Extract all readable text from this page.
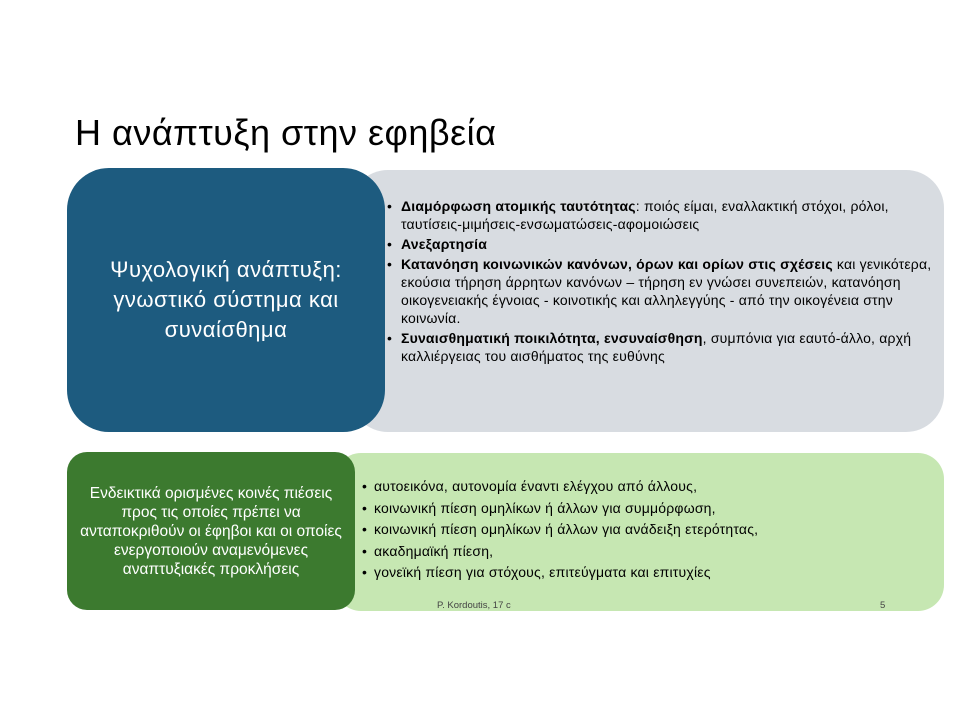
Η ανάπτυξη στην εφηβεία
Ψυχολογική ανάπτυξη: γνωστικό σύστημα και συναίσθημα
• Διαμόρφωση ατομικής ταυτότητας: ποιός είμαι, εναλλακτική στόχοι, ρόλοι, ταυτίσεις-μιμήσεις-ενσωματώσεις-αφομοιώσεις
• Ανεξαρτησία
• Κατανόηση κοινωνικών κανόνων, όρων και ορίων στις σχέσεις και γενικότερα, εκούσια τήρηση άρρητων κανόνων – τήρηση εν γνώσει συνεπειών, κατανόηση οικογενειακής έγνοιας - κοινοτικής και αλληλεγγύης - από την οικογένεια στην κοινωνία.
• Συναισθηματική ποικιλότητα, ενσυναίσθηση, συμπόνια για εαυτό-άλλο, αρχή καλλιέργειας του αισθήματος της ευθύνης
Ενδεικτικά ορισμένες κοινές πιέσεις προς τις οποίες πρέπει να ανταποκριθούν οι έφηβοι και οι οποίες ενεργοποιούν αναμενόμενες αναπτυξιακές προκλήσεις
• αυτοεικόνα, αυτονομία έναντι ελέγχου από άλλους,
• κοινωνική πίεση ομηλίκων ή άλλων για συμμόρφωση,
• κοινωνική πίεση ομηλίκων ή άλλων για ανάδειξη ετερότητας,
• ακαδημαϊκή πίεση,
• γονεϊκή πίεση για στόχους, επιτεύγματα και επιτυχίες
P. Kordoutis, 17 c	5
